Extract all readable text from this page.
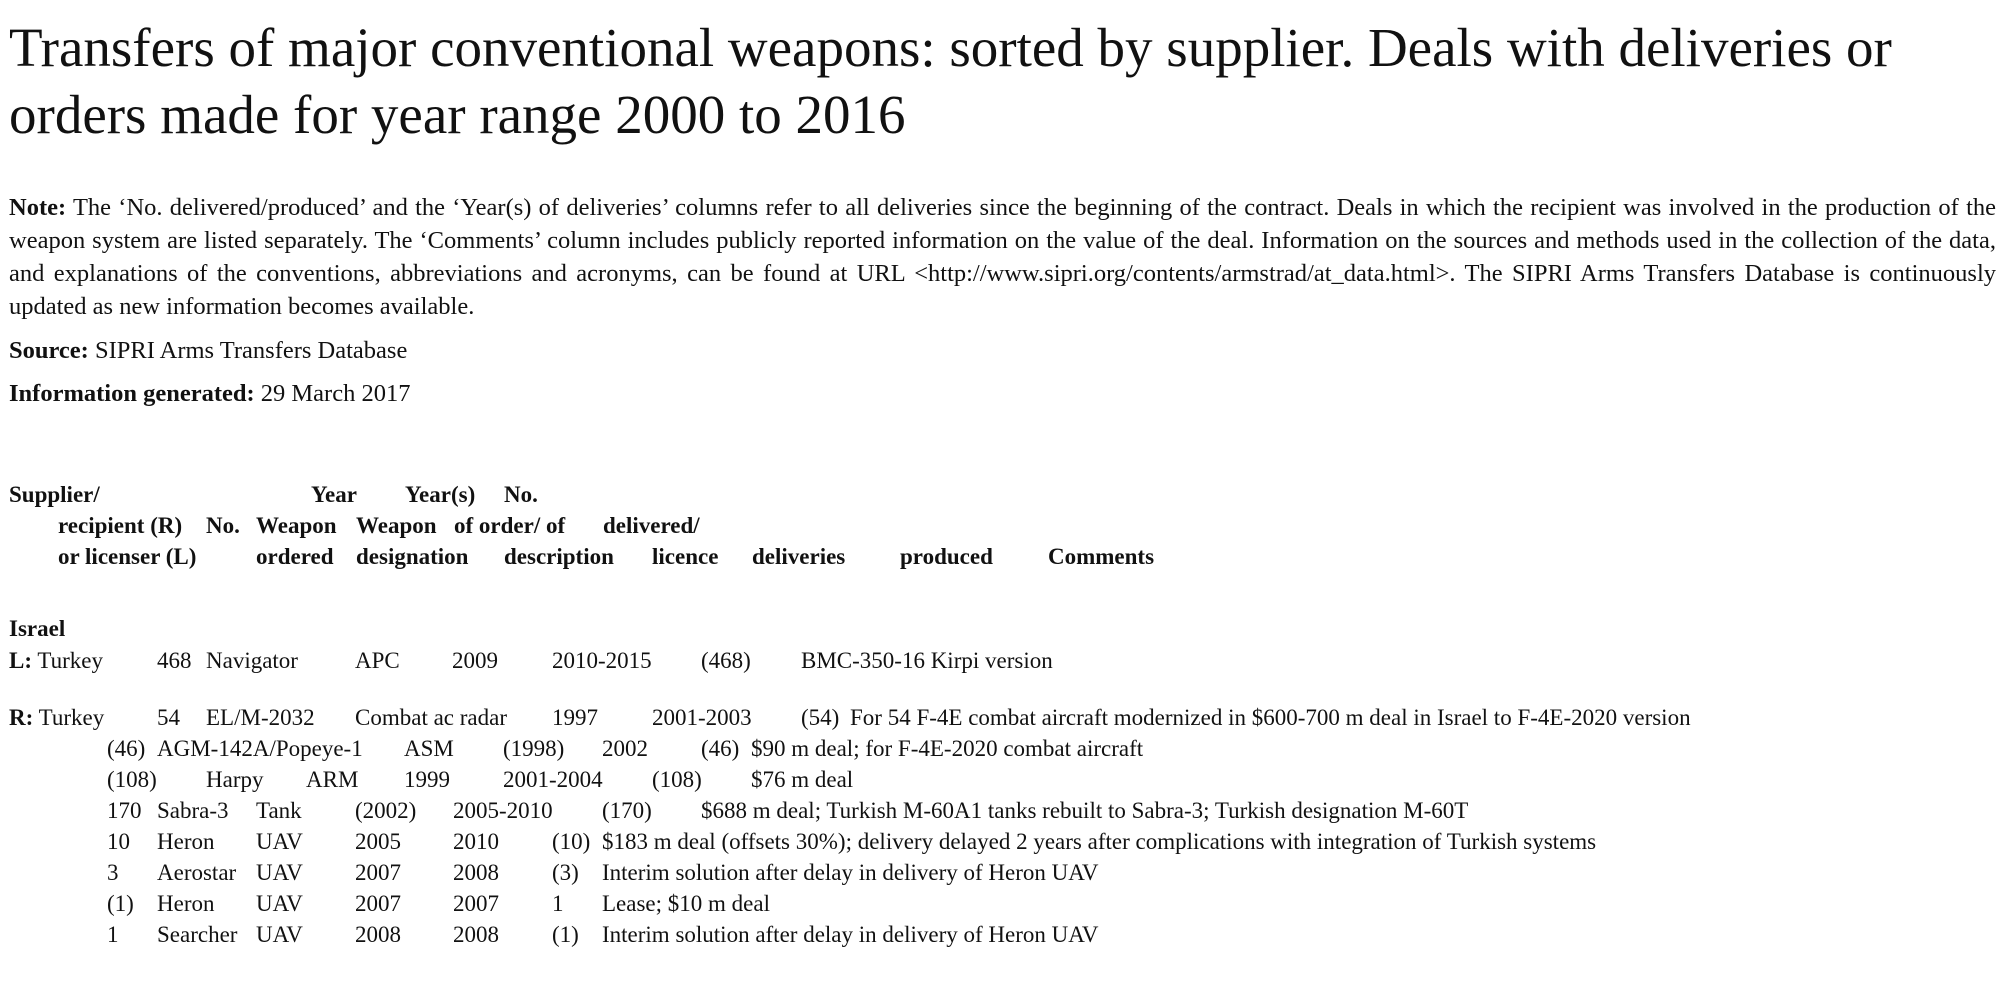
Transfers of major conventional weapons: sorted by supplier. Deals with deliveries or orders made for year range 2000 to 2016

Note: The ‘No. delivered/produced’ and the ‘Year(s) of deliveries’ columns refer to all deliveries since the beginning of the contract. Deals in which the recipient was involved in the production of the weapon system are listed separately. The ‘Comments’ column includes publicly reported information on the value of the deal. Information on the sources and methods used in the collection of the data, and explanations of the conventions, abbreviations and acronyms, can be found at URL <http://www.sipri.org/contents/armstrad/at_data.html>. The SIPRI Arms Transfers Database is continuously updated as new information becomes available.

Source: SIPRI Arms Transfers Database
Information generated: 29 March 2017
Supplier/	Year Year(s) No.
recipient (R) No. Weapon Weapon of order/ of delivered/
or licenser (L)	ordered designation description licence deliveries produced Comments
Israel
L: Turkey 468 Navigator APC 2009 2010-2015 (468) BMC-350-16 Kirpi version
R: Turkey 54 EL/M-2032 Combat ac radar 1997 2001-2003 (54) For 54 F-4E combat aircraft modernized in $600-700 m deal in Israel to F-4E-2020 version
(46) AGM-142A/Popeye-1 ASM (1998) 2002 (46) $90 m deal; for F-4E-2020 combat aircraft
(108) Harpy ARM 1999 2001-2004 (108) $76 m deal
170 Sabra-3 Tank (2002) 2005-2010 (170) $688 m deal; Turkish M-60A1 tanks rebuilt to Sabra-3; Turkish designation M-60T
10 Heron UAV 2005 2010 (10) $183 m deal (offsets 30%); delivery delayed 2 years after complications with integration of Turkish systems
3 Aerostar UAV 2007 2008 (3) Interim solution after delay in delivery of Heron UAV
(1) Heron UAV 2007 2007 1 Lease; $10 m deal
1 Searcher UAV 2008 2008 (1) Interim solution after delay in delivery of Heron UAV
